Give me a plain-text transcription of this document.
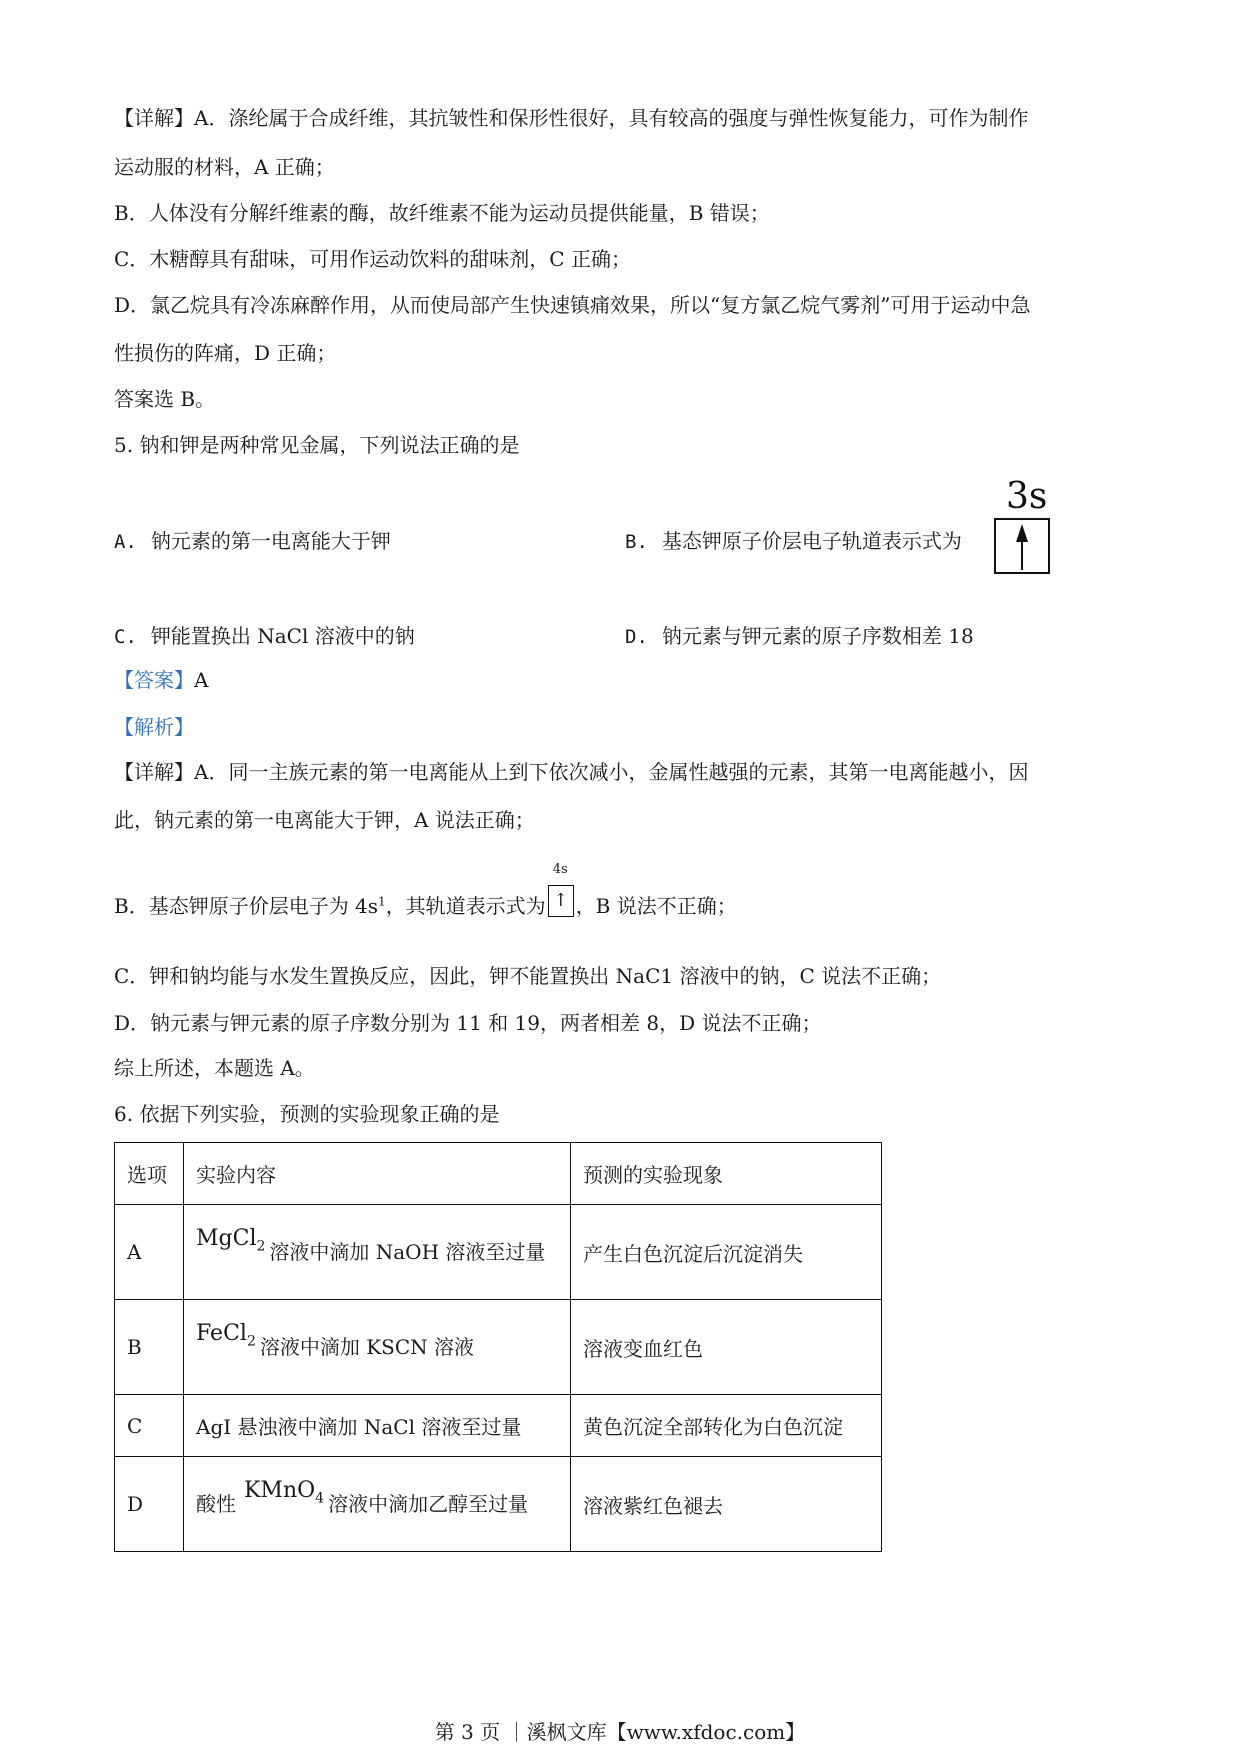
【详解】A．涤纶属于合成纤维，其抗皱性和保形性很好，具有较高的强度与弹性恢复能力，可作为制作
运动服的材料，A 正确；
B．人体没有分解纤维素的酶，故纤维素不能为运动员提供能量，B 错误；
C．木糖醇具有甜味，可用作运动饮料的甜味剂，C 正确；
D．氯乙烷具有冷冻麻醉作用，从而使局部产生快速镇痛效果，所以“复方氯乙烷气雾剂”可用于运动中急
性损伤的阵痛，D 正确；
答案选 B。
5. 钠和钾是两种常见金属，下列说法正确的是
A. 钠元素的第一电离能大于钾	B. 基态钾原子价层电子轨道表示式为
3s
C. 钾能置换出 NaCl 溶液中的钠	D. 钠元素与钾元素的原子序数相差 18
【答案】A
【解析】
【详解】A．同一主族元素的第一电离能从上到下依次减小，金属性越强的元素，其第一电离能越小，因
此，钠元素的第一电离能大于钾，A 说法正确；
B．基态钾原子价层电子为 $4s^1$，其轨道表示式为
4s
↑ ，B 说法不正确；
C．钾和钠均能与水发生置换反应，因此，钾不能置换出 NaC1 溶液中的钠，C 说法不正确；
D．钠元素与钾元素的原子序数分别为 11 和 19，两者相差 8，D 说法不正确；
综上所述，本题选 A。
6. 依据下列实验，预测的实验现象正确的是
选项	实验内容	预测的实验现象
A	MgCl$_2$ 溶液中滴加 NaOH 溶液至过量	产生白色沉淀后沉淀消失
B	FeCl$_2$ 溶液中滴加 KSCN 溶液	溶液变血红色
C	AgI 悬浊液中滴加 NaCl 溶液至过量	黄色沉淀全部转化为白色沉淀
D	酸性KMnO$_4$ 溶液中滴加乙醇至过量	溶液紫红色褪去
第 3 页 ｜溪枫文库【www.xfdoc.com】
